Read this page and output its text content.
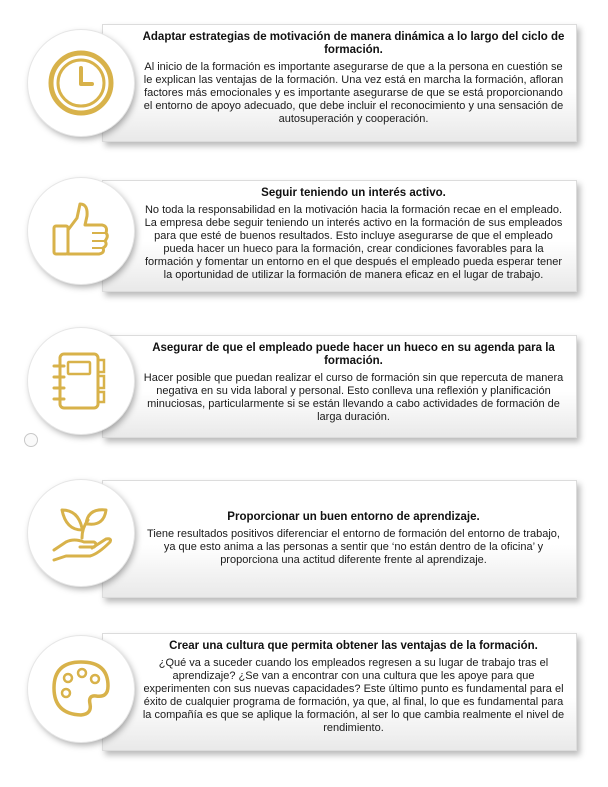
Adaptar estrategias de motivación de manera dinámica a lo largo del ciclo de formación.

Al inicio de la formación es importante asegurarse de que a la persona en cuestión se le explican las ventajas de la formación. Una vez está en marcha la formación, afloran factores más emocionales y es importante asegurarse de que se está proporcionando el entorno de apoyo adecuado, que debe incluir el reconocimiento y una sensación de autosuperación y cooperación.

Seguir teniendo un interés activo.

No toda la responsabilidad en la motivación hacia la formación recae en el empleado. La empresa debe seguir teniendo un interés activo en la formación de sus empleados para que esté de buenos resultados. Esto incluye asegurarse de que el empleado pueda hacer un hueco para la formación, crear condiciones favorables para la formación y fomentar un entorno en el que después el empleado pueda esperar tener la oportunidad de utilizar la formación de manera eficaz en el lugar de trabajo.

Asegurar de que el empleado puede hacer un hueco en su agenda para la formación.

Hacer posible que puedan realizar el curso de formación sin que repercuta de manera negativa en su vida laboral y personal. Esto conlleva una reflexión y planificación minuciosas, particularmente si se están llevando a cabo actividades de formación de larga duración.

Proporcionar un buen entorno de aprendizaje.

Tiene resultados positivos diferenciar el entorno de formación del entorno de trabajo, ya que esto anima a las personas a sentir que ‘no están dentro de la oficina’ y proporciona una actitud diferente frente al aprendizaje.

Crear una cultura que permita obtener las ventajas de la formación.

¿Qué va a suceder cuando los empleados regresen a su lugar de trabajo tras el aprendizaje? ¿Se van a encontrar con una cultura que les apoye para que experimenten con sus nuevas capacidades? Este último punto es fundamental para el éxito de cualquier programa de formación, ya que, al final, lo que es fundamental para la compañía es que se aplique la formación, al ser lo que cambia realmente el nivel de rendimiento.
